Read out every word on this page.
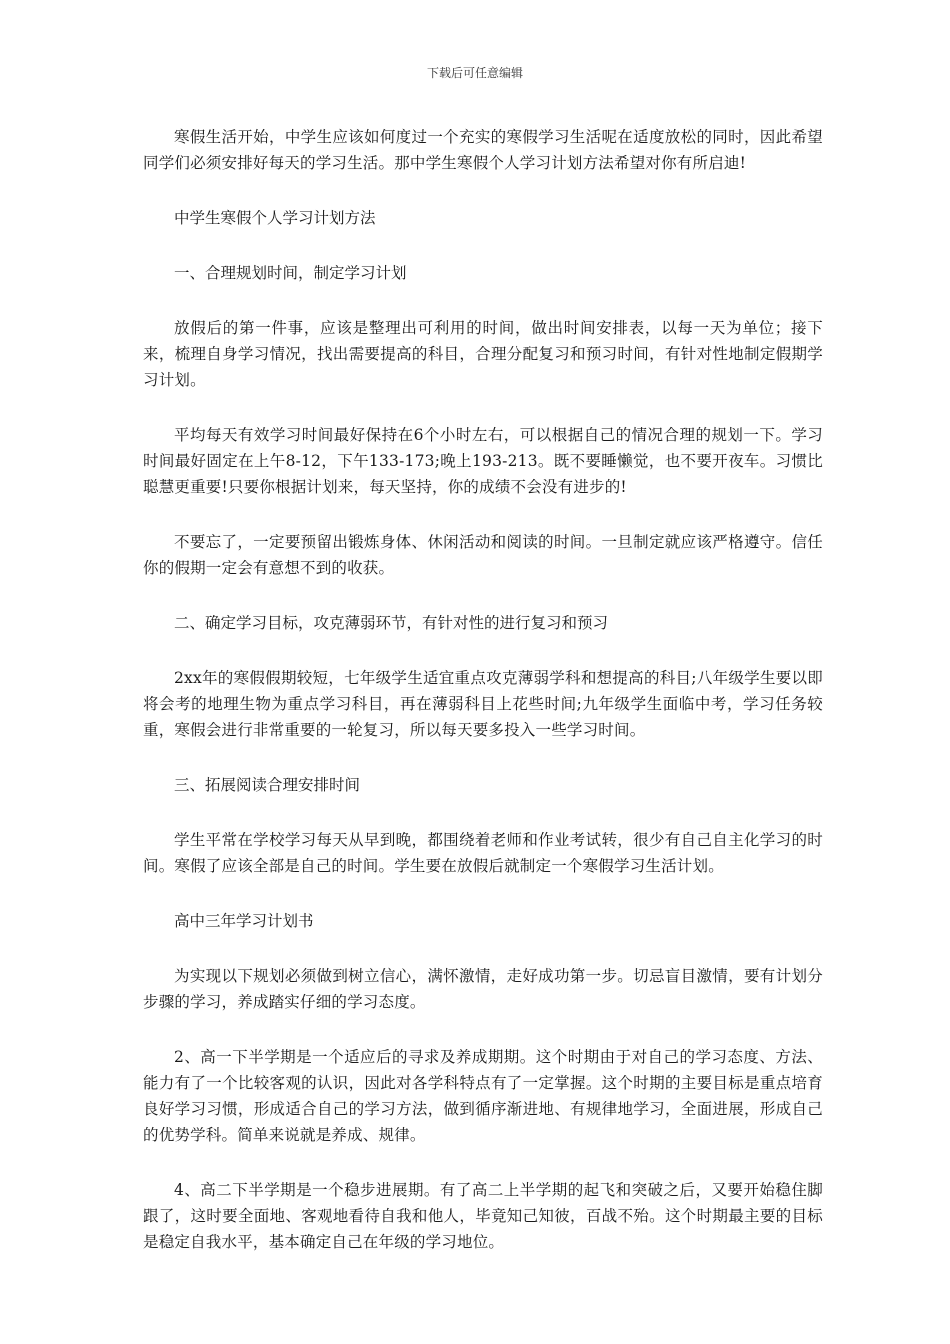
下载后可任意编辑

寒假生活开始，中学生应该如何度过一个充实的寒假学习生活呢在适度放松的同时，因此希望同学们必须安排好每天的学习生活。那中学生寒假个人学习计划方法希望对你有所启迪!

中学生寒假个人学习计划方法

一、合理规划时间，制定学习计划

放假后的第一件事，应该是整理出可利用的时间，做出时间安排表，以每一天为单位；接下来，梳理自身学习情况，找出需要提高的科目，合理分配复习和预习时间，有针对性地制定假期学习计划。

平均每天有效学习时间最好保持在6个小时左右，可以根据自己的情况合理的规划一下。学习时间最好固定在上午8-12，下午133-173;晚上193-213。既不要睡懒觉，也不要开夜车。习惯比聪慧更重要!只要你根据计划来，每天坚持，你的成绩不会没有进步的!

不要忘了，一定要预留出锻炼身体、休闲活动和阅读的时间。一旦制定就应该严格遵守。信任你的假期一定会有意想不到的收获。

二、确定学习目标，攻克薄弱环节，有针对性的进行复习和预习

2xx年的寒假假期较短，七年级学生适宜重点攻克薄弱学科和想提高的科目;八年级学生要以即将会考的地理生物为重点学习科目，再在薄弱科目上花些时间;九年级学生面临中考，学习任务较重，寒假会进行非常重要的一轮复习，所以每天要多投入一些学习时间。

三、拓展阅读合理安排时间

学生平常在学校学习每天从早到晚，都围绕着老师和作业考试转，很少有自己自主化学习的时间。寒假了应该全部是自己的时间。学生要在放假后就制定一个寒假学习生活计划。

高中三年学习计划书

为实现以下规划必须做到树立信心，满怀激情，走好成功第一步。切忌盲目激情，要有计划分步骤的学习，养成踏实仔细的学习态度。

2、高一下半学期是一个适应后的寻求及养成期期。这个时期由于对自己的学习态度、方法、能力有了一个比较客观的认识，因此对各学科特点有了一定掌握。这个时期的主要目标是重点培育良好学习习惯，形成适合自己的学习方法，做到循序渐进地、有规律地学习，全面进展，形成自己的优势学科。简单来说就是养成、规律。

4、高二下半学期是一个稳步进展期。有了高二上半学期的起飞和突破之后，又要开始稳住脚跟了，这时要全面地、客观地看待自我和他人，毕竟知己知彼，百战不殆。这个时期最主要的目标是稳定自我水平，基本确定自己在年级的学习地位。
